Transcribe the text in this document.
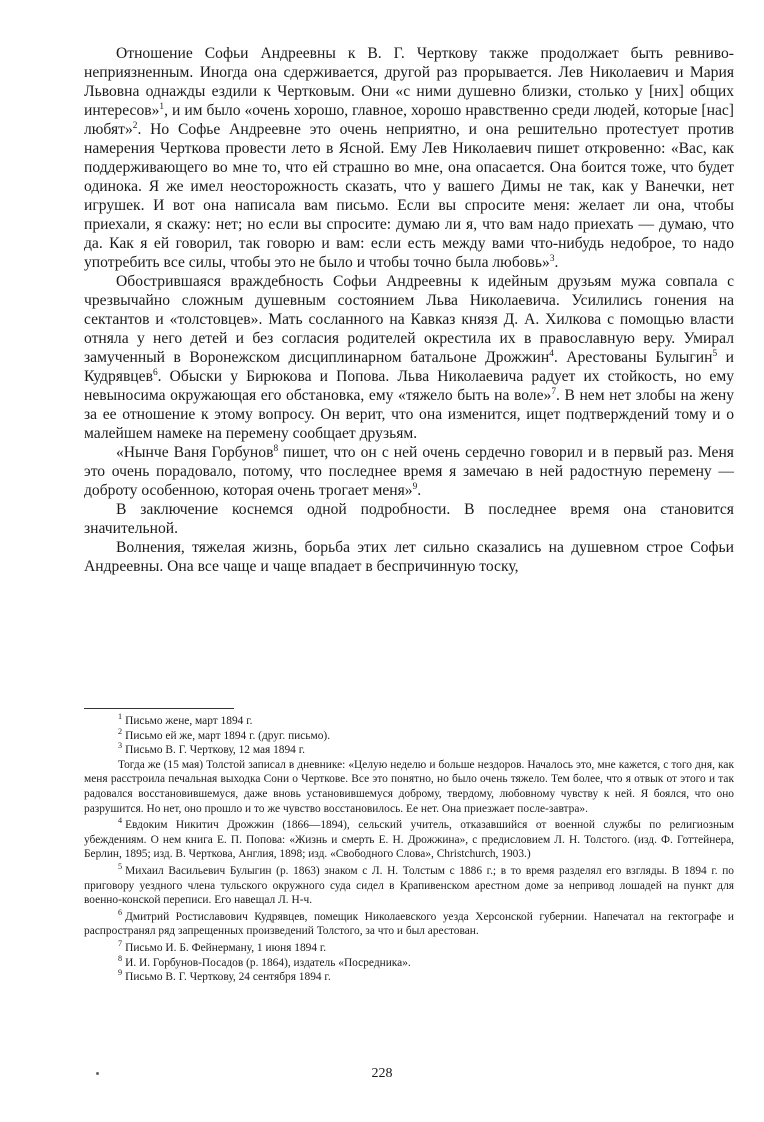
Отношение Софьи Андреевны к В. Г. Черткову также продолжает быть ревниво-неприязненным. Иногда она сдерживается, другой раз прорывается. Лев Николаевич и Мария Львовна однажды ездили к Чертковым. Они «с ними душевно близки, столько у [них] общих интересов»$^1$, и им было «очень хорошо, главное, хорошо нравственно среди людей, которые [нас] любят»$^2$. Но Софье Андреевне это очень неприятно, и она решительно протестует против намерения Черткова провести лето в Ясной. Ему Лев Николаевич пишет откровенно: «Вас, как поддерживающего во мне то, что ей страшно во мне, она опасается. Она боится тоже, что будет одинока. Я же имел неосторожность сказать, что у вашего Димы не так, как у Ванечки, нет игрушек. И вот она написала вам письмо. Если вы спросите меня: желает ли она, чтобы приехали, я скажу: нет; но если вы спросите: думаю ли я, что вам надо приехать — думаю, что да. Как я ей говорил, так говорю и вам: если есть между вами что-нибудь недоброе, то надо употребить все силы, чтобы это не было и чтобы точно была любовь»$^3$.

Обострившаяся враждебность Софьи Андреевны к идейным друзьям мужа совпала с чрезвычайно сложным душевным состоянием Льва Николаевича. Усилились гонения на сектантов и «толстовцев». Мать сосланного на Кавказ князя Д. А. Хилкова с помощью власти отняла у него детей и без согласия родителей окрестила их в православную веру. Умирал замученный в Воронежском дисциплинарном батальоне Дрожжин$^4$. Арестованы Булыгин$^5$ и Кудрявцев$^6$. Обыски у Бирюкова и Попова. Льва Николаевича радует их стойкость, но ему невыносима окружающая его обстановка, ему «тяжело быть на воле»$^7$. В нем нет злобы на жену за ее отношение к этому вопросу. Он верит, что она изменится, ищет подтверждений тому и о малейшем намеке на перемену сообщает друзьям.

«Нынче Ваня Горбунов$^8$ пишет, что он с ней очень сердечно говорил и в первый раз. Меня это очень порадовало, потому, что последнее время я замечаю в ней радостную перемену — доброту особенною, которая очень трогает меня»$^9$.

В заключение коснемся одной подробности. В последнее время она становится значительной.

Волнения, тяжелая жизнь, борьба этих лет сильно сказались на душевном строе Софьи Андреевны. Она все чаще и чаще впадает в беспричинную тоску,

$^1$ Письмо жене, март 1894 г.

$^2$ Письмо ей же, март 1894 г. (друг. письмо).

$^3$ Письмо В. Г. Черткову, 12 мая 1894 г.

Тогда же (15 мая) Толстой записал в дневнике: «Целую неделю и больше нездоров. Началось это, мне кажется, с того дня, как меня расстроила печальная выходка Сони о Черткове. Все это понятно, но было очень тяжело. Тем более, что я отвык от этого и так радовался восстановившемуся, даже вновь установившемуся доброму, твердому, любовному чувству к ней. Я боялся, что оно разрушится. Но нет, оно прошло и то же чувство восстановилось. Ее нет. Она приезжает после-завтра».

$^4$ Евдоким Никитич Дрожжин (1866—1894), сельский учитель, отказавшийся от военной службы по религиозным убеждениям. О нем книга Е. П. Попова: «Жизнь и смерть Е. Н. Дрожжина», с предисловием Л. Н. Толстого. (изд. Ф. Готтейнера, Берлин, 1895; изд. В. Черткова, Англия, 1898; изд. «Свободного Слова», Christchurch, 1903.)

$^5$ Михаил Васильевич Булыгин (р. 1863) знаком с Л. Н. Толстым с 1886 г.; в то время разделял его взгляды. В 1894 г. по приговору уездного члена тульского окружного суда сидел в Крапивенском арестном доме за непривод лошадей на пункт для военно-конской переписи. Его навещал Л. Н-ч.

$^6$ Дмитрий Ростиславович Кудрявцев, помещик Николаевского уезда Херсонской губернии. Напечатал на гектографе и распространял ряд запрещенных произведений Толстого, за что и был арестован.

$^7$ Письмо И. Б. Фейнерману, 1 июня 1894 г.

$^8$ И. И. Горбунов-Посадов (р. 1864), издатель «Посредника».

$^9$ Письмо В. Г. Черткову, 24 сентября 1894 г.

228
